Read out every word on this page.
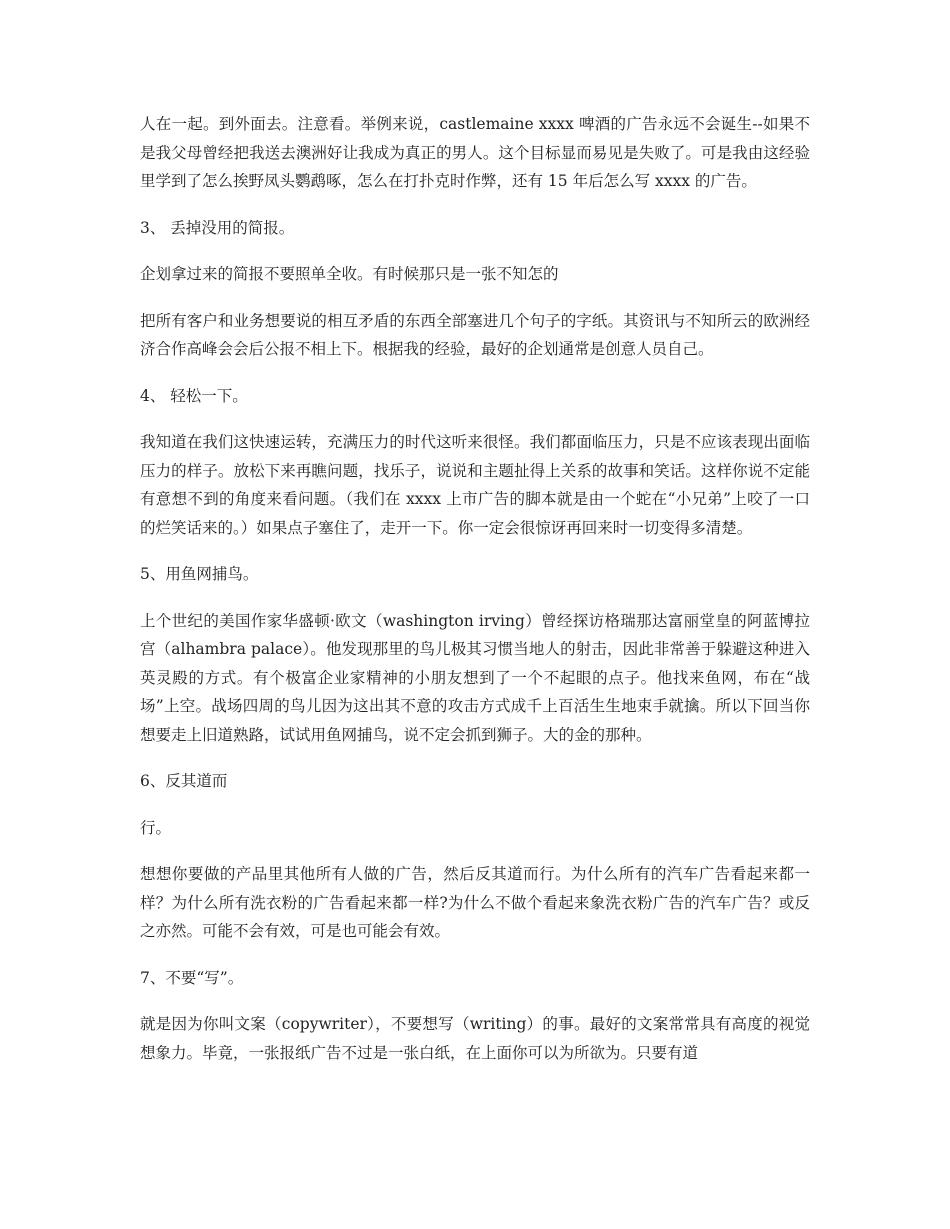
人在一起。到外面去。注意看。举例来说，castlemaine xxxx 啤酒的广告永远不会诞生--如果不是我父母曾经把我送去澳洲好让我成为真正的男人。这个目标显而易见是失败了。可是我由这经验里学到了怎么挨野凤头鹦鹉啄，怎么在打扑克时作弊，还有 15 年后怎么写 xxxx 的广告。

3、 丢掉没用的简报。

企划拿过来的简报不要照单全收。有时候那只是一张不知怎的

把所有客户和业务想要说的相互矛盾的东西全部塞进几个句子的字纸。其资讯与不知所云的欧洲经济合作高峰会会后公报不相上下。根据我的经验，最好的企划通常是创意人员自己。

4、 轻松一下。

我知道在我们这快速运转，充满压力的时代这听来很怪。我们都面临压力，只是不应该表现出面临压力的样子。放松下来再瞧问题，找乐子，说说和主题扯得上关系的故事和笑话。这样你说不定能有意想不到的角度来看问题。（我们在 xxxx 上市广告的脚本就是由一个蛇在“小兄弟”上咬了一口的烂笑话来的。）如果点子塞住了，走开一下。你一定会很惊讶再回来时一切变得多清楚。

5、用鱼网捕鸟。

上个世纪的美国作家华盛顿·欧文（washington irving）曾经探访格瑞那达富丽堂皇的阿蓝博拉宫（alhambra palace）。他发现那里的鸟儿极其习惯当地人的射击，因此非常善于躲避这种进入英灵殿的方式。有个极富企业家精神的小朋友想到了一个不起眼的点子。他找来鱼网，布在“战场”上空。战场四周的鸟儿因为这出其不意的攻击方式成千上百活生生地束手就擒。所以下回当你想要走上旧道熟路，试试用鱼网捕鸟，说不定会抓到狮子。大的金的那种。

6、反其道而

行。

想想你要做的产品里其他所有人做的广告，然后反其道而行。为什么所有的汽车广告看起来都一样？为什么所有洗衣粉的广告看起来都一样?为什么不做个看起来象洗衣粉广告的汽车广告？或反之亦然。可能不会有效，可是也可能会有效。

7、不要“写”。

就是因为你叫文案（copywriter），不要想写（writing）的事。最好的文案常常具有高度的视觉想象力。毕竟，一张报纸广告不过是一张白纸，在上面你可以为所欲为。只要有道
